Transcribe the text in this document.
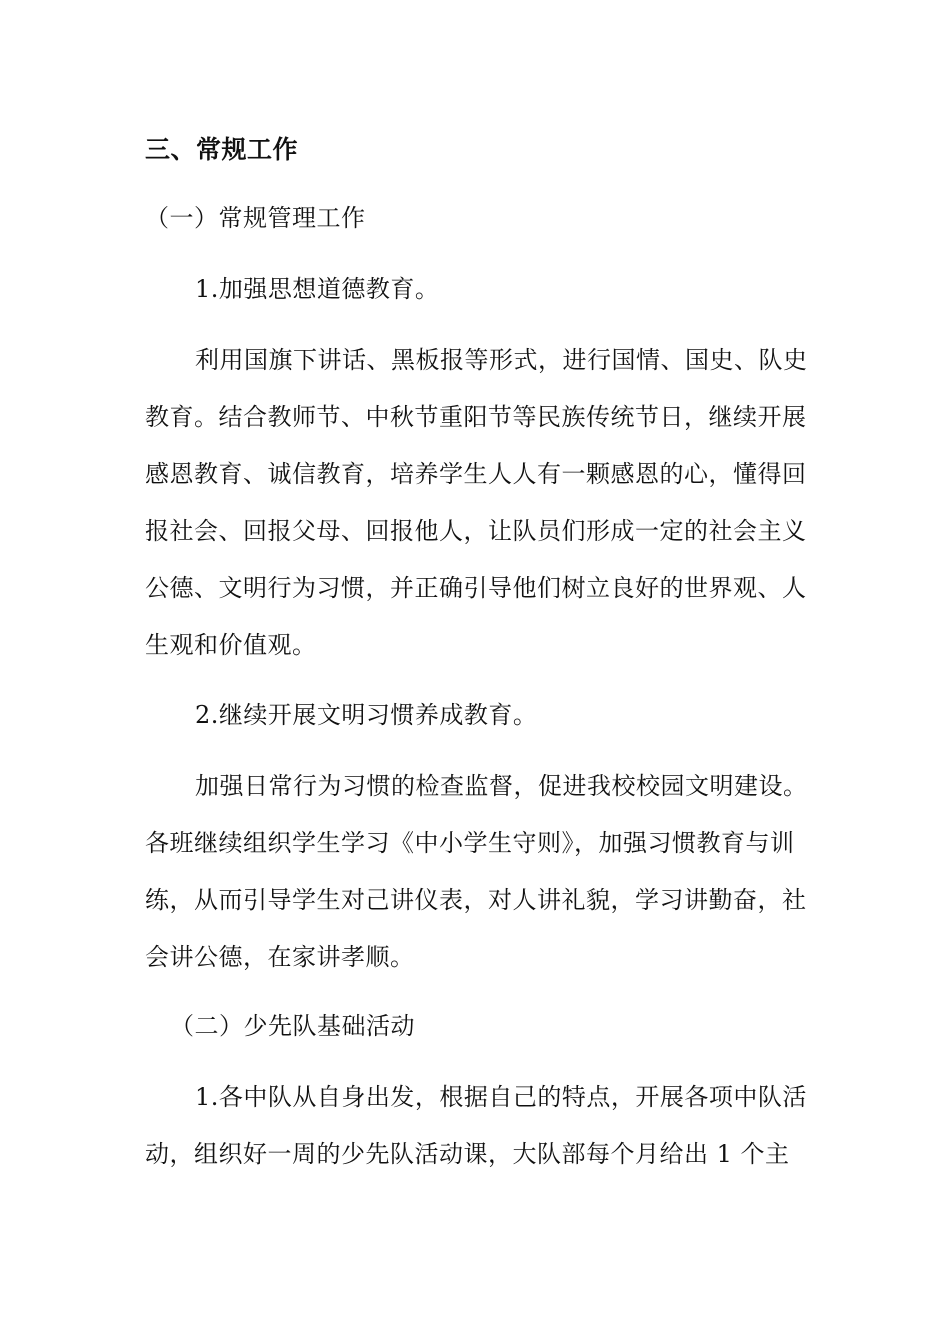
三、常规工作
（一）常规管理工作
1.加强思想道德教育。
利用国旗下讲话、黑板报等形式，进行国情、国史、队史
教育。结合教师节、中秋节重阳节等民族传统节日，继续开展
感恩教育、诚信教育，培养学生人人有一颗感恩的心，懂得回
报社会、回报父母、回报他人，让队员们形成一定的社会主义
公德、文明行为习惯，并正确引导他们树立良好的世界观、人
生观和价值观。
2.继续开展文明习惯养成教育。
加强日常行为习惯的检查监督，促进我校校园文明建设。
各班继续组织学生学习《中小学生守则》，加强习惯教育与训
练，从而引导学生对己讲仪表，对人讲礼貌，学习讲勤奋，社
会讲公德，在家讲孝顺。
（二）少先队基础活动
1.各中队从自身出发，根据自己的特点，开展各项中队活
动，组织好一周的少先队活动课，大队部每个月给出 1 个主
